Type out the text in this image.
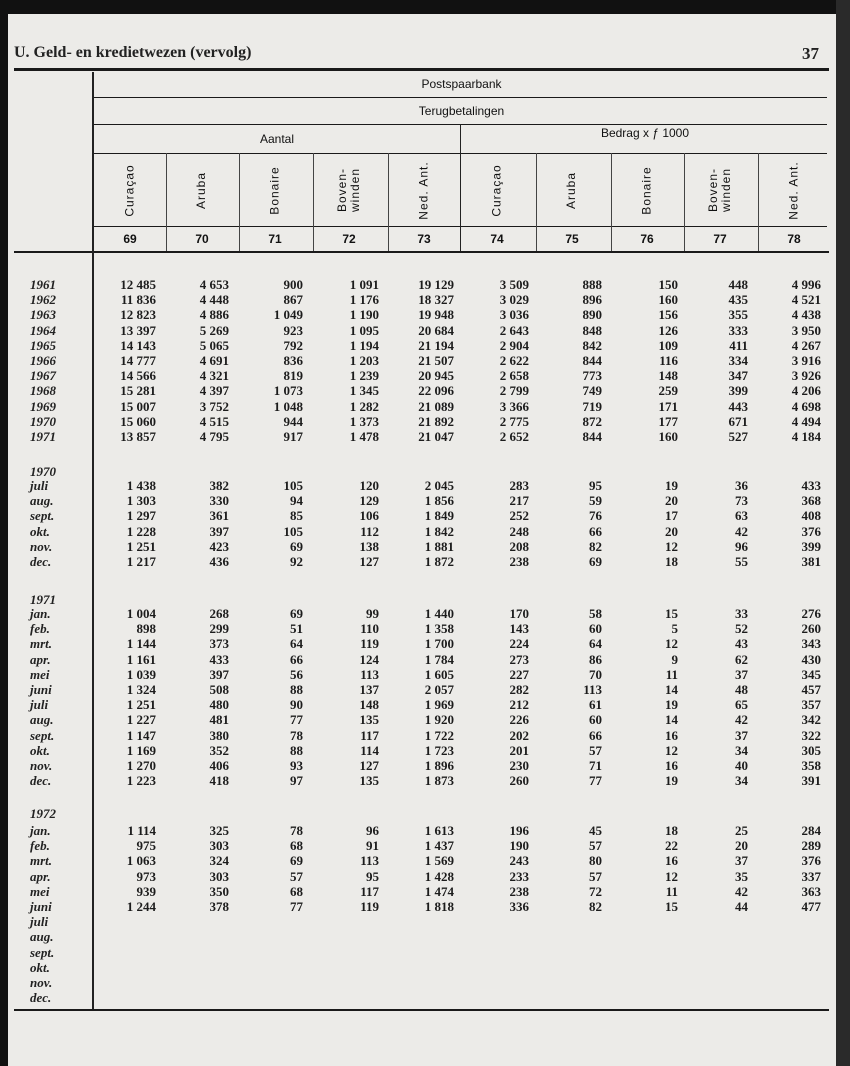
U. Geld- en kredietwezen (vervolg)	37
Postspaarbank
Terugbetalingen
Aantal	Bedrag x ƒ 1000
Curaçao
69
Aruba
70
Bonaire
71
Boven-
winden
72
Ned. Ant.
73
Curaçao
74
Aruba
75
Bonaire
76
Boven-
winden
77
Ned. Ant.
78
1961	12 485	4 653	900	1 091	19 129	3 509	888	150	448	4 996
1962	11 836	4 448	867	1 176	18 327	3 029	896	160	435	4 521
1963	12 823	4 886	1 049	1 190	19 948	3 036	890	156	355	4 438
1964	13 397	5 269	923	1 095	20 684	2 643	848	126	333	3 950
1965	14 143	5 065	792	1 194	21 194	2 904	842	109	411	4 267
1966	14 777	4 691	836	1 203	21 507	2 622	844	116	334	3 916
1967	14 566	4 321	819	1 239	20 945	2 658	773	148	347	3 926
1968	15 281	4 397	1 073	1 345	22 096	2 799	749	259	399	4 206
1969	15 007	3 752	1 048	1 282	21 089	3 366	719	171	443	4 698
1970	15 060	4 515	944	1 373	21 892	2 775	872	177	671	4 494
1971	13 857	4 795	917	1 478	21 047	2 652	844	160	527	4 184
1970
juli	1 438	382	105	120	2 045	283	95	19	36	433
aug.	1 303	330	94	129	1 856	217	59	20	73	368
sept.	1 297	361	85	106	1 849	252	76	17	63	408
okt.	1 228	397	105	112	1 842	248	66	20	42	376
nov.	1 251	423	69	138	1 881	208	82	12	96	399
dec.	1 217	436	92	127	1 872	238	69	18	55	381
1971
jan.	1 004	268	69	99	1 440	170	58	15	33	276
feb.	898	299	51	110	1 358	143	60	5	52	260
mrt.	1 144	373	64	119	1 700	224	64	12	43	343
apr.	1 161	433	66	124	1 784	273	86	9	62	430
mei	1 039	397	56	113	1 605	227	70	11	37	345
juni	1 324	508	88	137	2 057	282	113	14	48	457
juli	1 251	480	90	148	1 969	212	61	19	65	357
aug.	1 227	481	77	135	1 920	226	60	14	42	342
sept.	1 147	380	78	117	1 722	202	66	16	37	322
okt.	1 169	352	88	114	1 723	201	57	12	34	305
nov.	1 270	406	93	127	1 896	230	71	16	40	358
dec.	1 223	418	97	135	1 873	260	77	19	34	391
1972
jan.	1 114	325	78	96	1 613	196	45	18	25	284
feb.	975	303	68	91	1 437	190	57	22	20	289
mrt.	1 063	324	69	113	1 569	243	80	16	37	376
apr.	973	303	57	95	1 428	233	57	12	35	337
mei	939	350	68	117	1 474	238	72	11	42	363
juni	1 244	378	77	119	1 818	336	82	15	44	477
juli
aug.
sept.
okt.
nov.
dec.
